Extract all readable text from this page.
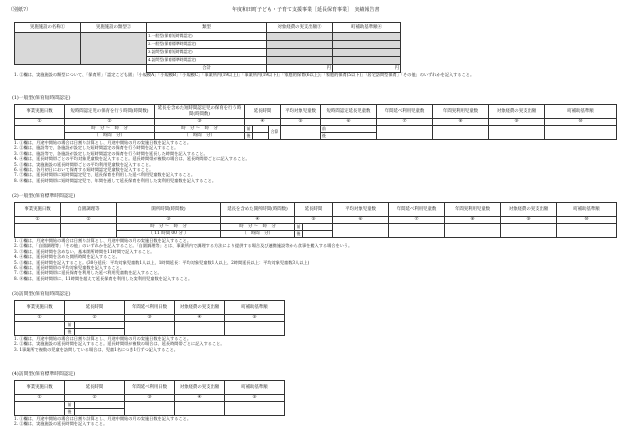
（別紙7）	年度和田町子ども・子育て支援事業［延長保育事業］　実績報告書
実施施設の名称①	実施施設の類型②	類型	対象経費の実支出額③	町補助基準額④	
		1.一般型(保育短時間認定)			
		2.一般型(保育標準時間認定)			
		3.訪問型(保育短時間認定)			
		4.訪問型(保育標準時間認定)			
		合計	円	円	
1. ②欄は、実施施設の類型について、「保育所」「認定こども園」「小規模A」「小規模B」「小規模C」「事業所内(19以上)」「事業所内(19以下)」「家庭的保育(6以上)」「家庭的保育(5以下)」「居宅訪問型保育」「その他」のいずれかを記入すること。
(1)一般型(保育短時間認定)
事業実施日数	短時間認定児の保育を行う時間(時間数)	延長を含めた短時間認定児の保育を行う時間(時間数)	延長時間			平均対象児童数	短時間認定延長児童数	年間延べ利用児童数	年間実利用児童数	対象経費の実支出額	町補助基準額
①	②	③	④			⑤	⑥	⑦	⑧	⑨	⑩
	時　分 〜　時　分	時　分 〜　時　分	前		合算		前				
	（　時間　分）	（　時間　分）	後				後				
1. ①欄は、月途中開始の場合は日割り計算とし、月途中開始の月の実施日数を記入すること。
2. ②欄は、施設等で、各施設が設定した短時間認定の保育を行う時間を記入すること。
3. ③欄は、施設等で、各施設が設定した短時間認定の保育を行う時間を延長した時間を記入すること。
4. ④欄は、延長時間帯ごとの平均対象児童数を記入すること。延長時間帯が複数の場合は、延長時間帯ごとに記入すること。
5. ⑤欄は、実施施設の延長時間帯ごとの平均利用児童数を記入すること。
6. ⑥欄は、各月初日において保育する短時間認定児童数を記入すること。
7. ⑦欄は、延長時間帯に短時間認定児で、延長保育を利用した延べ利用児童数を記入すること。
8. ⑧欄は、延長時間帯に短時間認定児で、年間を通して延長保育を利用した実利用児童数を記入すること。
(2)一般型(保育標準時間認定)
事業実施日数	自園調理等	開所時間(時間数)	延長を含めた開所時間(時間数)	延長時間		平均対象児童数	年間延べ利用児童数	年間実利用児童数	対象経費の実支出額	町補助基準額
①	②	③	④	⑤		⑥	⑦	⑧	⑨	⑩
		時　分 〜　時　分	時　分 〜　時　分	前						
		（ 11 時間 00 分 ）	（　時間　分）	後						
1. ①欄は、月途中開始の場合は日割り計算とし、月途中開始の月の実施日数を記入すること。
2. ②欄は、「自園調理等」「その他」のいずれかを記入すること。「自園調理等」とは、事業所内で調理する方法により提供する場合及び連携施設等から食事を搬入する場合をいう。
3. ③欄は、延長時間を含めない、基本開所時間を11時間で記入すること。
4. ④欄は、延長時間を含めた開所時間を記入すること。
5. ⑤欄は、延長時間を記入すること。(30分延長：平均対象児童数1人以上、1時間延長：平均対象児童数1人以上、2時間延長以上：平均対象児童数3人以上)
6. ⑥欄は、延長時間帯の平均対象児童数を記入すること。
7. ⑦欄は、延長時間帯に延長保育を利用した延べ利用児童数を記入すること。
8. ⑧欄は、延長時間帯に、11時間を超えて延長保育を利用した実利用児童数を記入すること。
(3)訪問型(保育短時間認定)
事業実施日数	延長時間		年間延べ利用日数	対象経費の実支出額	町補助基準額
①	②		③	④	⑤
	前				
	後				
1. ①欄は、月途中開始の場合は日割り計算とし、月途中開始の月の実施日数を記入すること。
2. ②欄は、実施施設の延長時間を記入すること。延長時間帯が複数の場合は、延長時間帯ごとに記入すること。
3. 1事業所で複数の児童を訪問している場合は、児童1名につき1行ずつ記入すること。
(4)訪問型(保育標準時間認定)
事業実施日数	延長時間		年間延べ利用日数	対象経費の実支出額	町補助基準額
①	②		③	④	⑤
	前				
	後				
1. ①欄は、月途中開始の場合は日割り計算とし、月途中開始の月の実施日数を記入すること。
2. ②欄は、実施施設の延長時間を記入すること。
